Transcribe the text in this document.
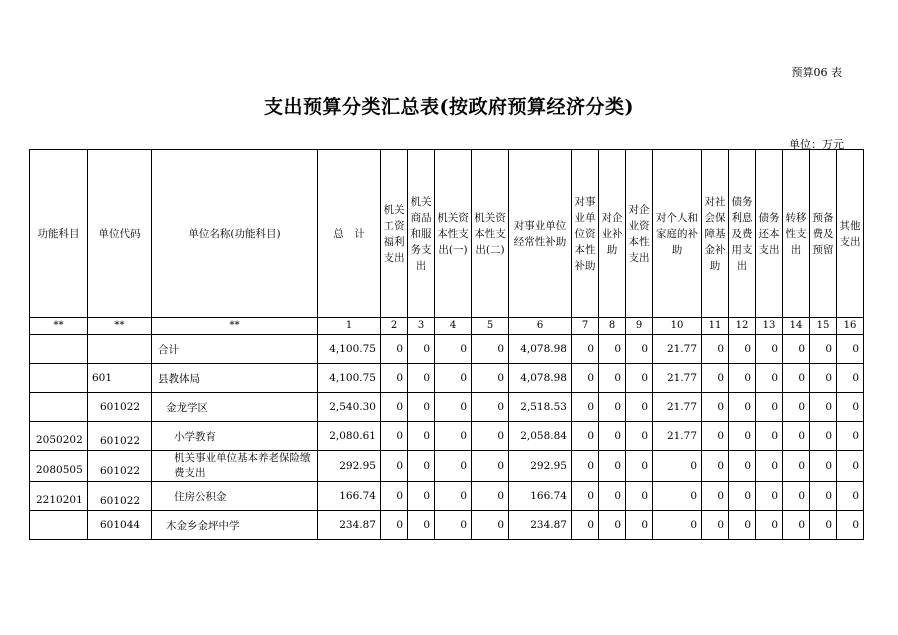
预算06 表
支出预算分类汇总表(按政府预算经济分类)
单位：万元
功能科目	单位代码	单位名称(功能科目)	总　计	机关工资福利支出	机关商品和服务支出	机关资本性支出(一)	机关资本性支出(二)	对事业单位经常性补助	对事业单位资本性补助	对企业补助	对企业资本性支出	对个人和家庭的补助	对社会保障基金补助	债务利息及费用支出	债务还本支出	转移性支出	预备费及预留	其他支出
**	**	**	1	2	3	4	5	6	7	8	9	10	11	12	13	14	15	16

		合计	4,100.75	0	0	0	0	4,078.98	0	0	0	21.77	0	0	0	0	0	0

	601	县教体局	4,100.75	0	0	0	0	4,078.98	0	0	0	21.77	0	0	0	0	0	0

	601022	金龙学区	2,540.30	0	0	0	0	2,518.53	0	0	0	21.77	0	0	0	0	0	0

2050202	601022	小学教育	2,080.61	0	0	0	0	2,058.84	0	0	0	21.77	0	0	0	0	0	0

2080505	601022	机关事业单位基本养老保险缴费支出	292.95	0	0	0	0	292.95	0	0	0	0	0	0	0	0	0	0

2210201	601022	住房公积金	166.74	0	0	0	0	166.74	0	0	0	0	0	0	0	0	0	0

	601044	木金乡金坪中学	234.87	0	0	0	0	234.87	0	0	0	0	0	0	0	0	0	0
